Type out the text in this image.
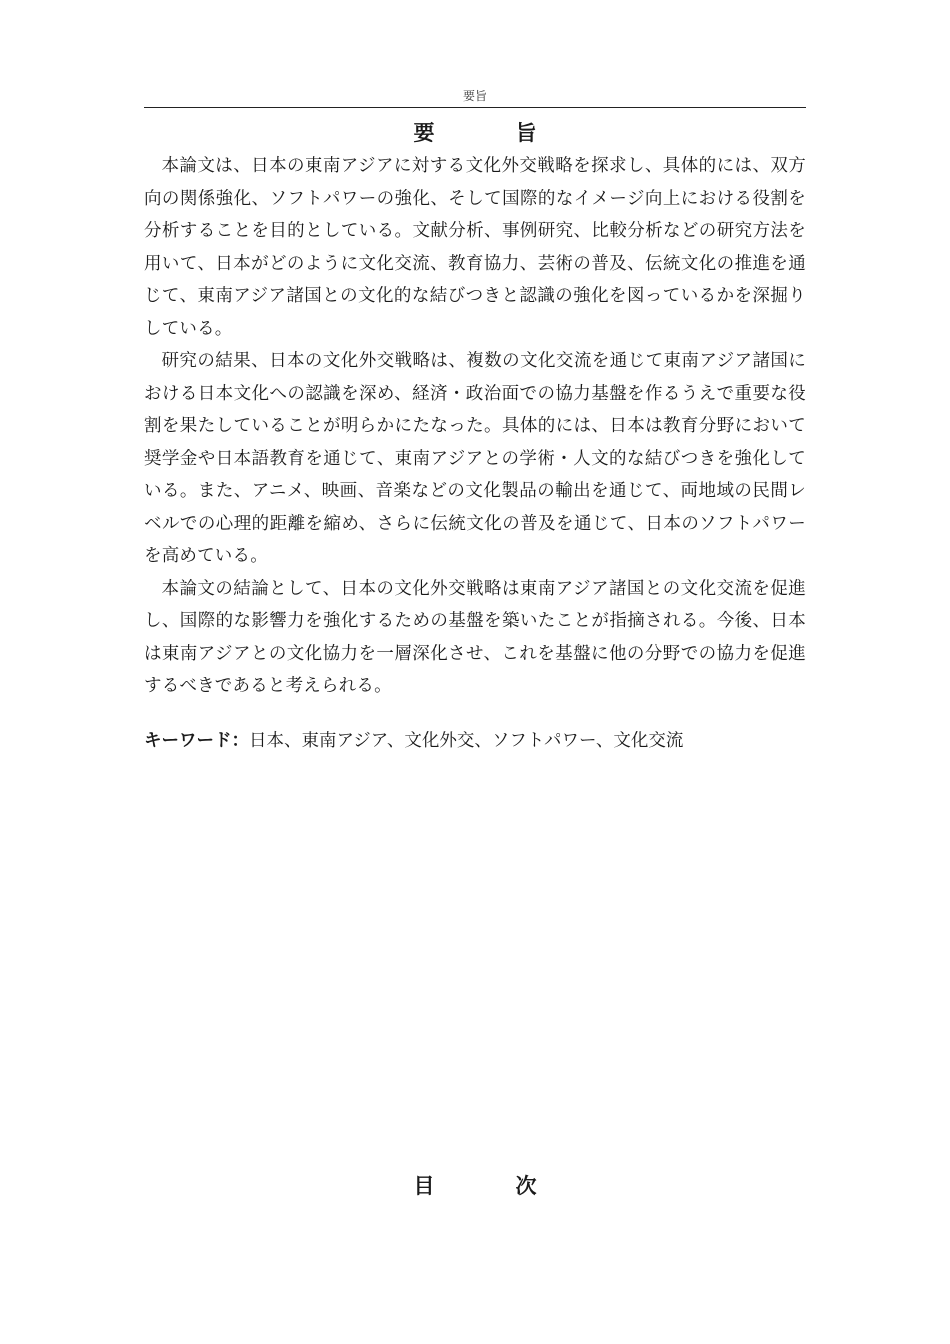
要旨
要　旨

本論文は、日本の東南アジアに対する文化外交戦略を探求し、具体的には、双方向の関係強化、ソフトパワーの強化、そして国際的なイメージ向上における役割を分析することを目的としている。文献分析、事例研究、比較分析などの研究方法を用いて、日本がどのように文化交流、教育協力、芸術の普及、伝統文化の推進を通じて、東南アジア諸国との文化的な結びつきと認識の強化を図っているかを深掘りしている。

研究の結果、日本の文化外交戦略は、複数の文化交流を通じて東南アジア諸国における日本文化への認識を深め、経済・政治面での協力基盤を作るうえで重要な役割を果たしていることが明らかにたなった。具体的には、日本は教育分野において奨学金や日本語教育を通じて、東南アジアとの学術・人文的な結びつきを強化している。また、アニメ、映画、音楽などの文化製品の輸出を通じて、両地域の民間レベルでの心理的距離を縮め、さらに伝統文化の普及を通じて、日本のソフトパワーを高めている。

本論文の結論として、日本の文化外交戦略は東南アジア諸国との文化交流を促進し、国際的な影響力を強化するための基盤を築いたことが指摘される。今後、日本は東南アジアとの文化協力を一層深化させ、これを基盤に他の分野での協力を促進するべきであると考えられる。

キーワード：日本、東南アジア、文化外交、ソフトパワー、文化交流
目　次
